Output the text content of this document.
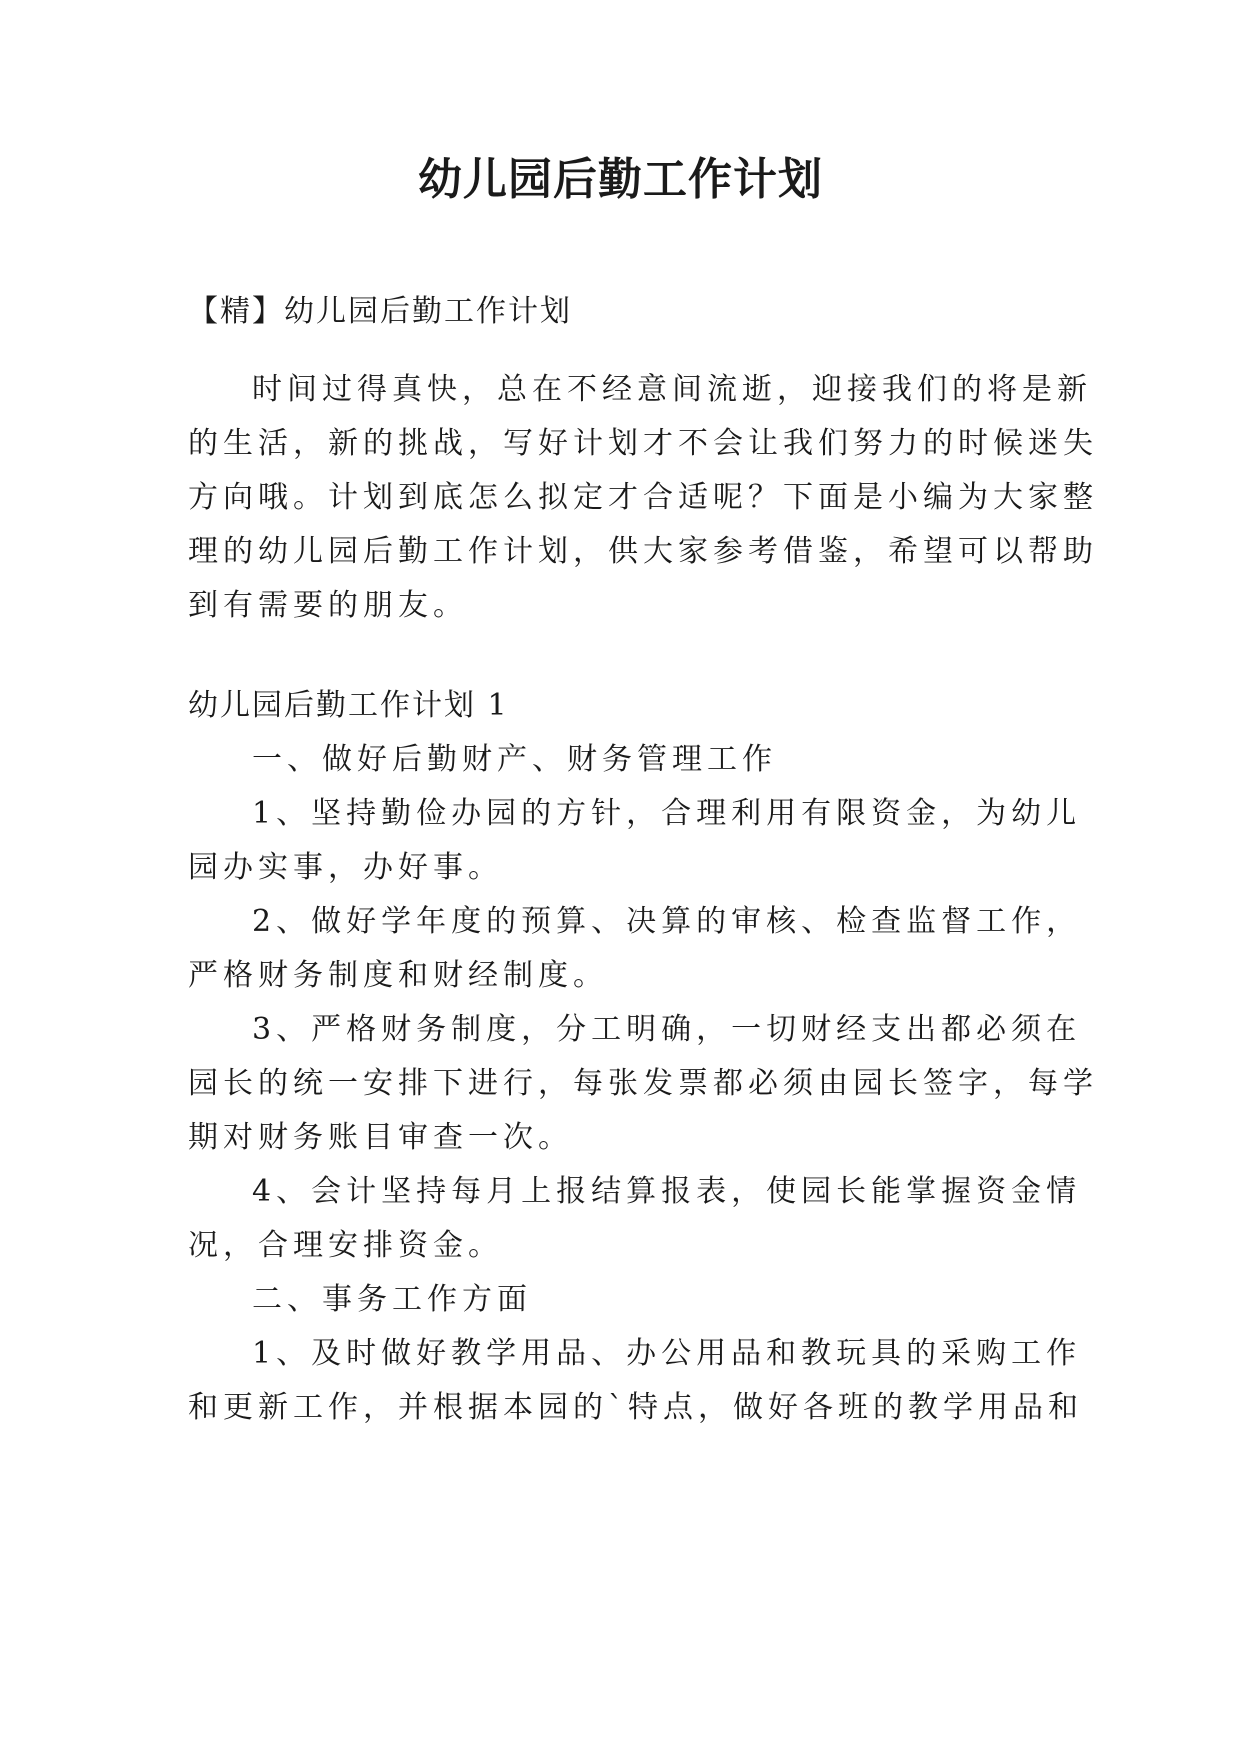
幼儿园后勤工作计划
【精】幼儿园后勤工作计划
时间过得真快，总在不经意间流逝，迎接我们的将是新
的生活，新的挑战，写好计划才不会让我们努力的时候迷失
方向哦。计划到底怎么拟定才合适呢？下面是小编为大家整
理的幼儿园后勤工作计划，供大家参考借鉴，希望可以帮助
到有需要的朋友。
幼儿园后勤工作计划 1
一、做好后勤财产、财务管理工作
1、坚持勤俭办园的方针，合理利用有限资金，为幼儿
园办实事，办好事。
2、做好学年度的预算、决算的审核、检查监督工作，
严格财务制度和财经制度。
3、严格财务制度，分工明确，一切财经支出都必须在
园长的统一安排下进行，每张发票都必须由园长签字，每学
期对财务账目审查一次。
4、会计坚持每月上报结算报表，使园长能掌握资金情
况，合理安排资金。
二、事务工作方面
1、及时做好教学用品、办公用品和教玩具的采购工作
和更新工作，并根据本园的`特点，做好各班的教学用品和
